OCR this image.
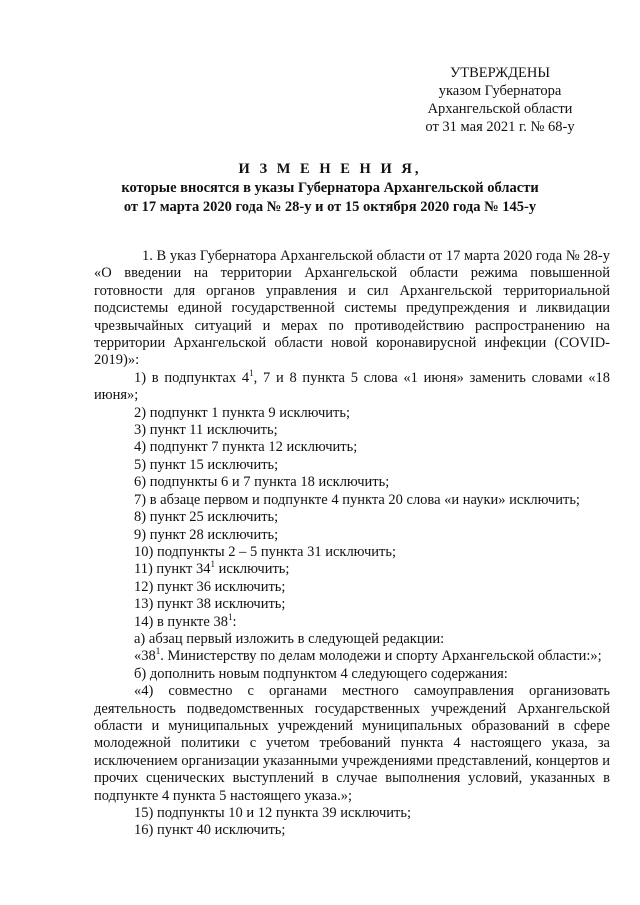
УТВЕРЖДЕНЫ
указом Губернатора
Архангельской области
от 31 мая 2021 г. № 68-у
И З М Е Н Е Н И Я,
которые вносятся в указы Губернатора Архангельской области
от 17 марта 2020 года № 28-у и от 15 октября 2020 года № 145-у
1. В указ Губернатора Архангельской области от 17 марта 2020 года № 28-у «О введении на территории Архангельской области режима повышенной готовности для органов управления и сил Архангельской территориальной подсистемы единой государственной системы предупреждения и ликвидации чрезвычайных ситуаций и мерах по противодействию распространению на территории Архангельской области новой коронавирусной инфекции (COVID-2019)»:
1) в подпунктах $4^1$, 7 и 8 пункта 5 слова «1 июня» заменить словами «18 июня»;
2) подпункт 1 пункта 9 исключить;
3) пункт 11 исключить;
4) подпункт 7 пункта 12 исключить;
5) пункт 15 исключить;
6) подпункты 6 и 7 пункта 18 исключить;
7) в абзаце первом и подпункте 4 пункта 20 слова «и науки» исключить;
8) пункт 25 исключить;
9) пункт 28 исключить;
10) подпункты 2 – 5 пункта 31 исключить;
11) пункт $34^1$ исключить;
12) пункт 36 исключить;
13) пункт 38 исключить;
14) в пункте $38^1$:
а) абзац первый изложить в следующей редакции:
«$38^1$. Министерству по делам молодежи и спорту Архангельской области:»;
б) дополнить новым подпунктом 4 следующего содержания:
«4) совместно с органами местного самоуправления организовать деятельность подведомственных государственных учреждений Архангельской области и муниципальных учреждений муниципальных образований в сфере молодежной политики с учетом требований пункта 4 настоящего указа, за исключением организации указанными учреждениями представлений, концертов и прочих сценических выступлений в случае выполнения условий, указанных в подпункте 4 пункта 5 настоящего указа.»;
15) подпункты 10 и 12 пункта 39 исключить;
16) пункт 40 исключить;
